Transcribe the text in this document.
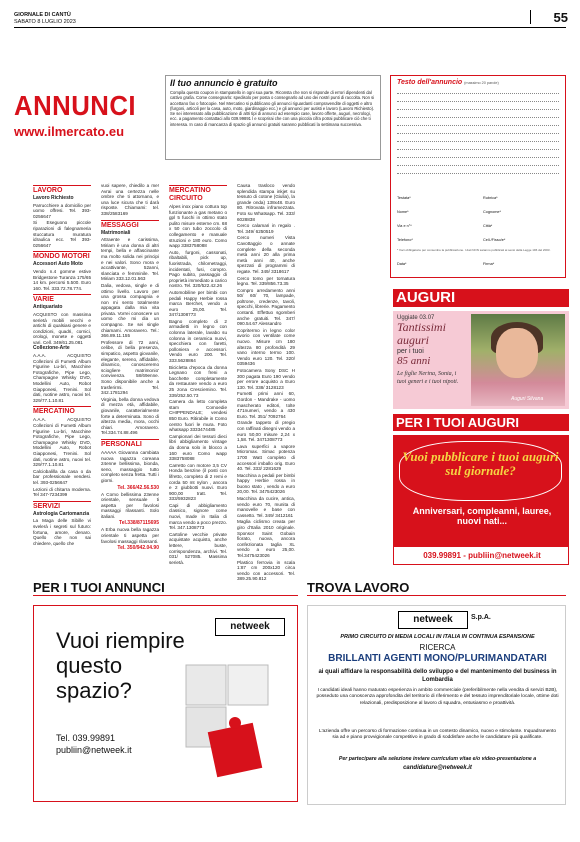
GIORNALE DI CANTÙ
SABATO 8 LUGLIO 2023	55
ANNUNCI
www.ilmercato.eu
Il tuo annuncio è gratuito
Compila questo coupon in stampatello in ogni sua parte. Riconsta che non si risponde di errori dipendenti dal cattivo grafia. Come consegnarlo: spedisolo per posta o consegnarlo ad uno dei nostri punti di raccolta. Non si accettano fax o fotocopie. Nel Mercatino si pubblicano gli annunci riguardanti compravendite di oggetti e altro (furgoni, articoli per la casa, auto, moto, giardinaggio ecc.) e gli annunci per autisti e lavoro (Lavoro Richiesto). Se sei interessato alla pubblicazione di altri tipi di annunci ad esempio case, lavoro offerte, auguri, necrologi, ecc. a pagamento contattaci allo 039.99891 l e scoprirai che con una piccola cifra potrai pubblicare ciò che ti interessa. In caso di mancanza di spazio gli annunci gratuiti saranno pubblicati la settimana successiva.
Testo dell'annuncio (massimo 20 parole)
Testata*	Rubrica*
Nome*	Cognome*
Via e n°*	Città*
Telefono*	Cell./Fisso/e*
* Voci obbligatorie per consentire la pubblicazione. I dati NON saranno pubblicati ai sensi della Legge 196 del 2003.
Data*	Firma*
LAVORO
Lavoro Richiesto

Parrucchiere a domicilio per uomo offresi. Tel. 393-0256647

Si Eseguono piccole riparazioni di falegnameria stuccatura muratura idraulica ecc. Tel 393-0256647

MONDO MOTORI
Accessori Auto Moto

Vendo n.4 gomme estive Bridgestone Turanza 175/65 14 km. percorsi 5.500. Euro 160. Tel. 333.72.78.774.

VARIE
Antiquariato

ACQUISTO con massima serietà mobili vecchi e antichi di qualsiasi genere e condizioni, quadri, cornici, orologi, monete e oggetti vari. Cell. 349/61.25.081

Collezione-Arte

A.A.A. ACQUISTO Collezioni di Fumetti Album Figurine Lu-bri, Macchine Fotografiche, Pipe Lego, Champagne Whisky DVD, Modellini Auto, Robot Giapponesi, Trenini. Sol dati, ruotine astro, nuovi tel. 329/77.1.10.81

MERCATINO

A.A.A. ACQUISTO Collezioni di Fumetti Album Figurine Lu-bri, Macchine Fotografiche, Pipe Lego, Champagne Whisky DVD, Modellini Auto, Robot Giapponesi, Trenini. Sol dati, ruotine astro, nuovi tel. 329/77.1.10.81

Calciobalilla da casa o da bar professionale vendesi. tel. 393-0256647

Lezioni di chitarra moderna. Tel 347-7234399

SERVIZI
Astrologia Cartomanzia

La Maga delle Sibille vi svelerà i segreti sul futuro: fortuna, amore, denaro. Quello che non sai chiedere, quello che

vuoi sapere, chiedilo a me! Avrai una certezza nelle ombre che ti attornano, e una luce sicura che ti darà risposte. Chiamami: tel. 338/2583169

MESSAGGI
Matrimoniali

Attraente e carissima, Miriam è una donna di altri tempi, bella e affascinante ma molto solida nei principi e nei valori. Sono mora e accattivante, 52anni, slanciata e femminile. Tel. Miriam 333.12.01.563

Dalia, vedova, single e di ottimo livello. Lavoro per una grossa compagnia e non mi sento totalmente appagata dalla mia vita privata. Vorrei conoscere un uomo che mi dia un compagno. Se sei single chiamami. Amoravero. Tel.: 366.89.11.155

Professore di 72 anni, celibe, di bella presenza, simpatico, aspetto giovanile, elegante, sereno, affidabile, dinamico, conosceremo sciogliere matrimonio' convivenza. 58/69enne. Sono disponibile anche a trasferirmi. Tel. 342.1781294

Virginia, bella donna vedova di mezza età, affidabile, giovanile, caratterialmente forte a determinata. Sono di altezza media, mora, occhi chiari. Amoravero. Tel.334.74.88.496

PERSONALI

AAAAA Giovanna cambiata nuova ragazza coreana 24enne bellissima, bionda, seno, massaggio tutto completo senza fretta. Tutti i giorni.

Tel. 366/42.56.530

A Como bellissima 23enne orientale, sensuale ti aspetta per favolosi massaggi rilassanti. Solo italiani.

Tel.338/87115695

A Erba nuova bella ragazza orientale ti aspetta per favolosi massaggi rilassanti.

Tel. 350/942.04.90
MERCATINO CIRCUITO

Alpes inox piano cottura top funzionante a gas metano o gpl 5 fuochi in ottimo stato pulito misure esterne cm. 68 x 50 con tubo zoccolo di collegamento e manuale struzioni e 180 euro. Como wapp 3383758088

Auto, furgoni, cassonati, ribaltabili, pick up, fuoristrada, chilometraggi, incidentati, fusi, compro. Pago subito, passaggio di proprietà immediato a carico nostro. Tel. 320/522.42.26

Automobiline per bimbi con pedali Happy Herbie rossa marca Berchet, vendo a euro 25,00. Tel. 347/1308773

Bagno completo di 2 armadietti in legno con colonna laterale, lavabo su colonna in ceramica nuovi, specchiera con faretti, polloniera e accessori. Vendo euro 200. Tel. 333.5628864

Bicicletta d'epoca da donna Legnano con freni a bacchette completamente da restaurare vendo a euro 25 zona Cresciemino. Tel. 339/252.50.73

Camera da letto completa stam Comoedie CHIPPENDALE; vendesi 850 Euro. Ritirabile in Como centro fuori le mura. Foto whatsapp 3333474485

Campionari dei tessuti dieci libri abbigliamento vintage da donna solo in blocco a 160 euro Como wapp 3383758088

Carretto con motore 3,5 CV Honda benzine (il posti con lifretto, completo di 2 remi e corda 50 mt nylon , ancora e 2 giubbotti nuovi. Euro 900,00 tratt. Tel. 333/5932823

Capi di abbigliamento classico, signore come nuovi, made in Italia di marca vendo a poco prezzo. Tel. 347.1308773

Cartoline vecchie private acquistate acquisto, anche lettere, buste, corrispondenza, archivi. Tel. 031/ 527085. Massima serietà.

Causa trasloco vendo splendida stampa inkjet su tessuto di cotone (Giulia), la grande onda) 138x48. Euro 80. Ritrovata inframezzata. Foto su Whatsapp. Tel. 333/ 6028838

Cerco calamari in regalo . Tel. 349/ 6250519

Cerco numeri Vista Cavottaggio o annate complete della seconda metà anni 20 alla prima metà anni 40, anche spezzati di programmi di regate. Tel. 349/ 3318617

Cerco tomo per tornatura legno. Tel. 339/856.73.35

Compro arredamento anni 50/ 60/ 70, lampade, poltrone, credenze, tavoli, specchi, librerie. Pagamento contanti. Effettuo sgomberi anche gratuiti. Tel. 347/ 090.54.67 Alessandro

Copritermo in legno color avorio con ventilate come nuovo. Misure cm 180 altezza 80 profondità 29 vano interno termo 100. Vendo euro 120. Tel. 320/ 0359436

Fotocamera Sony DSC H 300 pagata Euro 190 vendo per errore acquisto a Euro 130. Tel. 338/ 3128123

Fumetti primi anni 60, Gordon - Mandrake - uomo mascherato editori, tolte 471numeri, vendo a 430 Euro. Tel. 351/ 7092764

Grande tappeto di pregio con raffinati disegni vendo a euro 50,00 misure 2,24 x 1,58. Tel. 3471308773

Lava superfici a vapore Micromax. Simac potenza 1700 Watt completo di accessori imballo orig. Euro 40. Tel. 333/ 2281629

Macchina a pedali per bimbi happy Herbie rossa in buono stato , vendo a euro 20,00. Tel. 3475423026

Macchina da cucire, antica, vendo euro 70, munita di manovelle e base con cassetto. Tel. 349/ 3412161

Maglia ciclismo creata per giro d'Italia 2010 originale. Sponsor Saint Gobain fiorato, nuova, ancora confezionata taglia XL vendo a euro 25,00. Tel.3475423026

Plastico ferrovia in scala 1:87 cm 200x120 circa vendo con accessori. Tel. 389.25.90.812

AUGURI
Uggiate 03.07
Tantissimi
auguri
per i tuoi
85 anni
Le figlie Nerina, Sonia, i tuoi generi e i tuoi nipoti.
Auguri Silvana
PER I TUOI AUGURI
Vuoi pubblicare i tuoi auguri sul giornale?
Anniversari, compleanni, lauree, nuovi nati...
039.99891 - publiin@netweek.it
PER I TUOI ANNUNCI	TROVA LAVORO
netweek
Vuoi riempire questo spazio?
Tel. 039.99891
publiin@netweek.it
netweek	S.p.A.
PRIMO CIRCUITO DI MEDIA LOCALI IN ITALIA IN CONTINUA ESPANSIONE
RICERCA
BRILLANTI AGENTI MONO/PLURIMANDATARI
ai quali affidare la responsabilità dello sviluppo e del mantenimento del business in Lombardia
I candidati ideali hanno maturato esperienza in ambito commerciale (preferibilmente nella vendita di servizi B2B), posseduto una conoscenza approfondita del territorio di riferimento e del tessuto imprenditoriale locale, ottime doti relazionali, predisposizione al lavoro di squadra, entusiasmo e proattività.
L'azienda offre un percorso di formazione continua in un contesto dinamico, nuovo e stimolante. Inquadramento sia ad e piano provvigionale competitivo in grado di soddisfare anche le candidature più qualificate.
Per partecipare alla selezione inviare curriculum vitae e/o video-presentazione a
candidature@netweek.it
